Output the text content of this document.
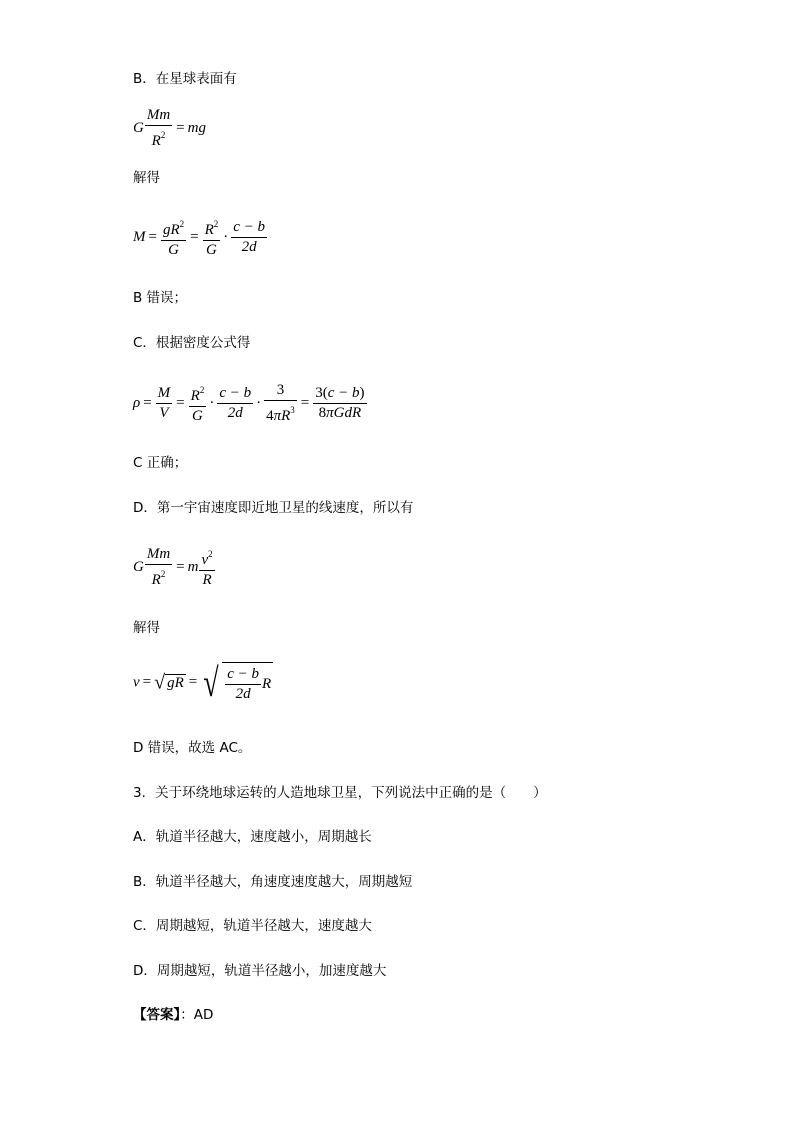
B．在星球表面有
G $\frac{Mm}{R^2}$ = mg
解得
$M = \frac{gR^2}{G} = \frac{R^2}{G} \cdot \frac{c - b}{2d}$
B 错误；
C．根据密度公式得
$\rho = \frac{M}{V} = \frac{R^2}{G} \cdot \frac{c - b}{2d} \cdot \frac{3}{4\pi R^3} = \frac{3(c - b)}{\text{8πGdR}}$
C 正确；
D．第一宇宙速度即近地卫星的线速度，所以有
G $\frac{Mm}{R^2} = m \frac{v^2}{R}$
解得
v = √ gR = √ $\frac{c - b}{2d}$ R
D 错误，故选 AC。
3．关于环绕地球运转的人造地球卫星，下列说法中正确的是（　　）
A．轨道半径越大，速度越小，周期越长
B．轨道半径越大，角速度速度越大，周期越短
C．周期越短，轨道半径越大，速度越大
D．周期越短，轨道半径越小，加速度越大
【答案】：AD
